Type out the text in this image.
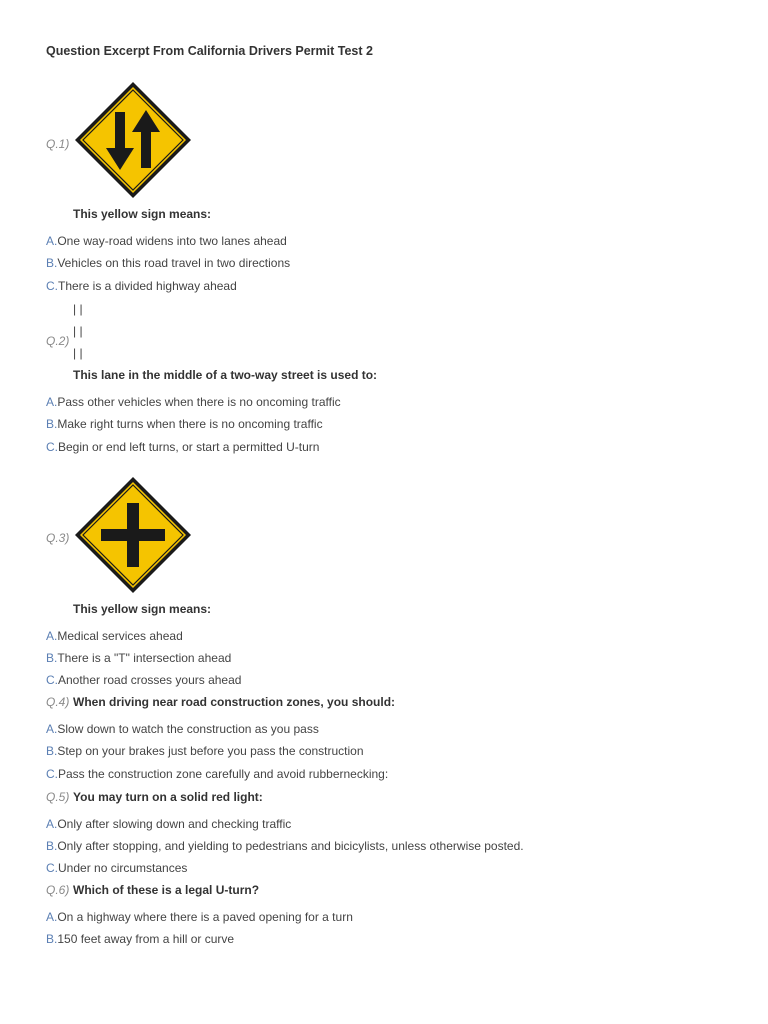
Question Excerpt From California Drivers Permit Test 2
Q.1)
This yellow sign means:
A.One way-road widens into two lanes ahead
B.Vehicles on this road travel in two directions
C.There is a divided highway ahead
| |
| |
| |
Q.2)
This lane in the middle of a two-way street is used to:
A.Pass other vehicles when there is no oncoming traffic
B.Make right turns when there is no oncoming traffic
C.Begin or end left turns, or start a permitted U-turn
Q.3)
This yellow sign means:
A.Medical services ahead
B.There is a "T" intersection ahead
C.Another road crosses yours ahead
Q.4) When driving near road construction zones, you should:
A.Slow down to watch the construction as you pass
B.Step on your brakes just before you pass the construction
C.Pass the construction zone carefully and avoid rubbernecking:
Q.5) You may turn on a solid red light:
A.Only after slowing down and checking traffic
B.Only after stopping, and yielding to pedestrians and bicicylists, unless otherwise posted.
C.Under no circumstances
Q.6) Which of these is a legal U-turn?
A.On a highway where there is a paved opening for a turn
B.150 feet away from a hill or curve
